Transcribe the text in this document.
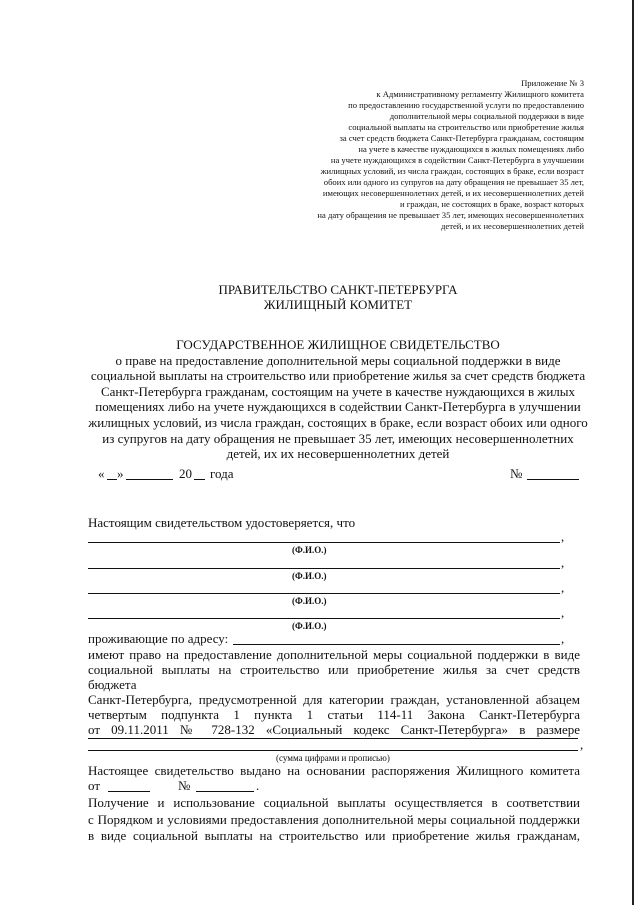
Приложение № 3
к Административному регламенту Жилищного комитета
по предоставлению государственной услуги по предоставлению
дополнительной меры социальной поддержки в виде
социальной выплаты на строительство или приобретение жилья
за счет средств бюджета Санкт-Петербурга гражданам, состоящим
на учете в качестве нуждающихся в жилых помещениях либо
на учете нуждающихся в содействии Санкт-Петербурга в улучшении
жилищных условий, из числа граждан, состоящих в браке, если возраст
обоих или одного из супругов на дату обращения не превышает 35 лет,
имеющих несовершеннолетних детей, и их несовершеннолетних детей
и граждан, не состоящих в браке, возраст которых
на дату обращения не превышает 35 лет, имеющих несовершеннолетних
детей, и их несовершеннолетних детей
ПРАВИТЕЛЬСТВО САНКТ-ПЕТЕРБУРГА
ЖИЛИЩНЫЙ КОМИТЕТ
ГОСУДАРСТВЕННОЕ ЖИЛИЩНОЕ СВИДЕТЕЛЬСТВО
о праве на предоставление дополнительной меры социальной поддержки в виде
социальной выплаты на строительство или приобретение жилья за счет средств бюджета
Санкт-Петербурга гражданам, состоящим на учете в качестве нуждающихся в жилых
помещениях либо на учете нуждающихся в содействии Санкт-Петербурга в улучшении
жилищных условий, из числа граждан, состоящих в браке, если возраст обоих или одного
из супругов на дату обращения не превышает 35 лет, имеющих несовершеннолетних
детей, их их несовершеннолетних детей
« »	20 года	№
Настоящим свидетельством удостоверяется, что
,
(Ф.И.О.)
,
(Ф.И.О.)
,
(Ф.И.О.)
,
(Ф.И.О.)
проживающие по адресу:	,
имеют право на предоставление дополнительной меры социальной поддержки в виде
социальной выплаты на строительство или приобретение жилья за счет средств бюджета
Санкт-Петербурга, предусмотренной для категории граждан, установленной абзацем
четвертым подпункта 1 пункта 1 статьи 114-11 Закона Санкт-Петербурга
от 09.11.2011 № 728-132 «Социальный кодекс Санкт-Петербурга» в размере
,
(сумма цифрами и прописью)
Настоящее свидетельство выдано на основании распоряжения Жилищного комитета
от	№	.
Получение и использование социальной выплаты осуществляется в соответствии
с Порядком и условиями предоставления дополнительной меры социальной поддержки
в виде социальной выплаты на строительство или приобретение жилья гражданам,
